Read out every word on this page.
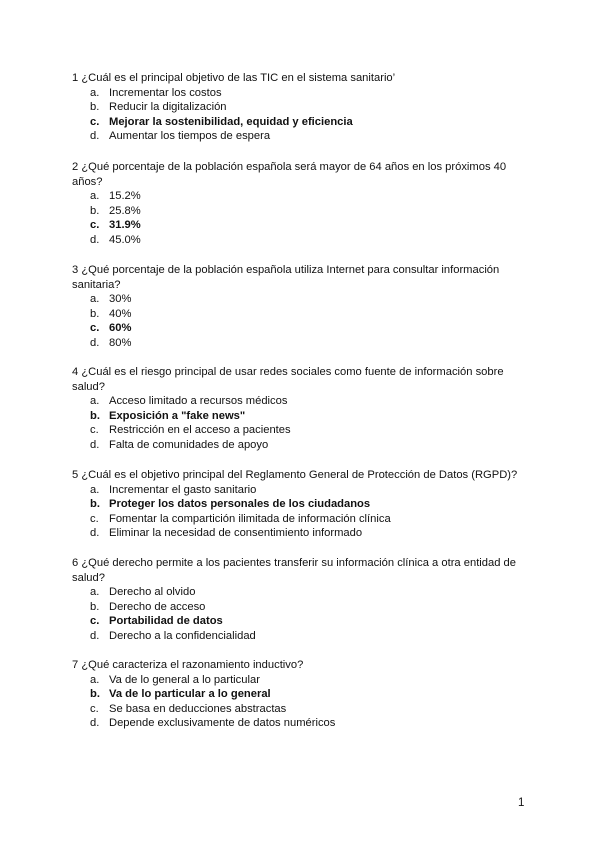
1 ¿Cuál es el principal objetivo de las TIC en el sistema sanitario’

a. Incrementar los costos
b. Reducir la digitalización
c. Mejorar la sostenibilidad, equidad y eficiencia
d. Aumentar los tiempos de espera

2 ¿Qué porcentaje de la población española será mayor de 64 años en los próximos 40 años?

a. 15.2%
b. 25.8%
c. 31.9%
d. 45.0%

3 ¿Qué porcentaje de la población española utiliza Internet para consultar información sanitaria?

a. 30%
b. 40%
c. 60%
d. 80%

4 ¿Cuál es el riesgo principal de usar redes sociales como fuente de información sobre salud?

a. Acceso limitado a recursos médicos
b. Exposición a "fake news"
c. Restricción en el acceso a pacientes
d. Falta de comunidades de apoyo

5 ¿Cuál es el objetivo principal del Reglamento General de Protección de Datos (RGPD)?

a. Incrementar el gasto sanitario
b. Proteger los datos personales de los ciudadanos
c. Fomentar la compartición ilimitada de información clínica
d. Eliminar la necesidad de consentimiento informado

6 ¿Qué derecho permite a los pacientes transferir su información clínica a otra entidad de salud?

a. Derecho al olvido
b. Derecho de acceso
c. Portabilidad de datos
d. Derecho a la confidencialidad

7 ¿Qué caracteriza el razonamiento inductivo?

a. Va de lo general a lo particular
b. Va de lo particular a lo general
c. Se basa en deducciones abstractas
d. Depende exclusivamente de datos numéricos
1
